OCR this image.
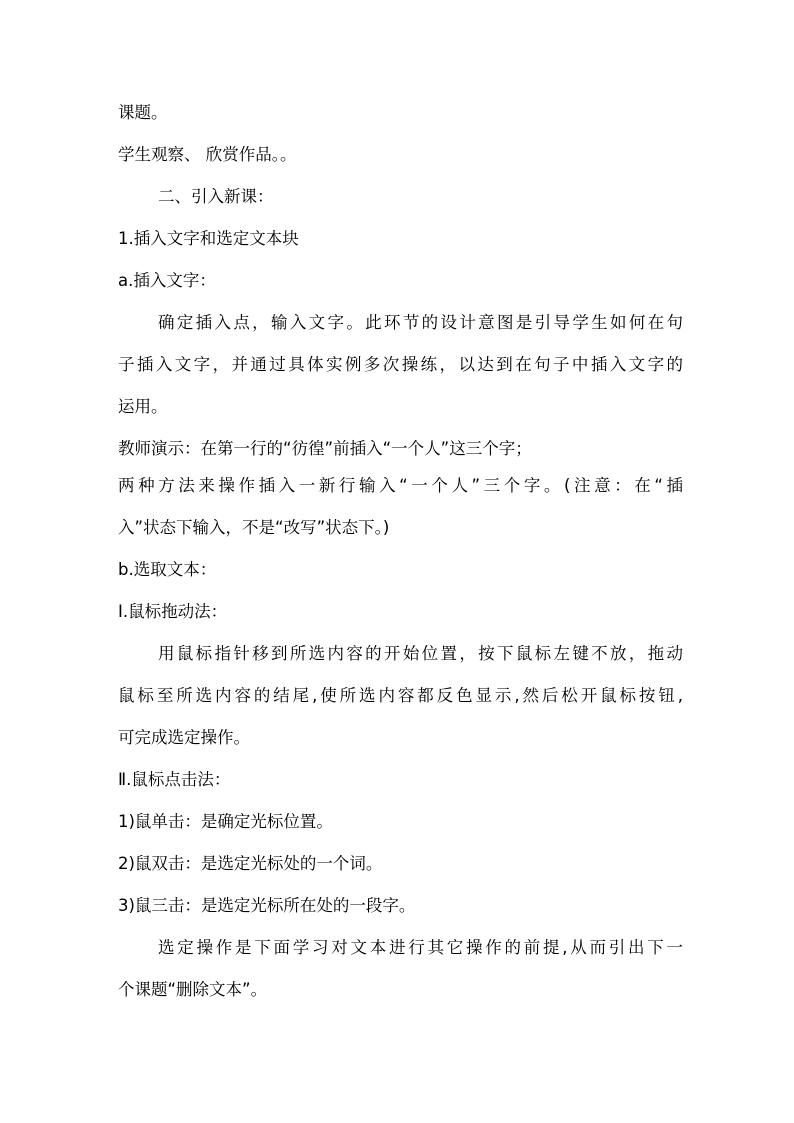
课题。

学生观察、 欣赏作品。。

二、引入新课：

1.插入文字和选定文本块

a.插入文字：

确定插入点，输入文字。此环节的设计意图是引导学生如何在句

子插入文字，并通过具体实例多次操练，以达到在句子中插入文字的

运用。

教师演示：在第一行的“彷徨”前插入“一个人”这三个字；

两种方法来操作插入一新行输入“一个人”三个字。(注意：在“插

入”状态下输入，不是“改写”状态下。)

b.选取文本：

I.鼠标拖动法：

用鼠标指针移到所选内容的开始位置，按下鼠标左键不放，拖动

鼠标至所选内容的结尾,使所选内容都反色显示,然后松开鼠标按钮,

可完成选定操作。

Ⅱ.鼠标点击法：

1)鼠单击：是确定光标位置。

2)鼠双击：是选定光标处的一个词。

3)鼠三击：是选定光标所在处的一段字。

选定操作是下面学习对文本进行其它操作的前提,从而引出下一

个课题“删除文本”。
